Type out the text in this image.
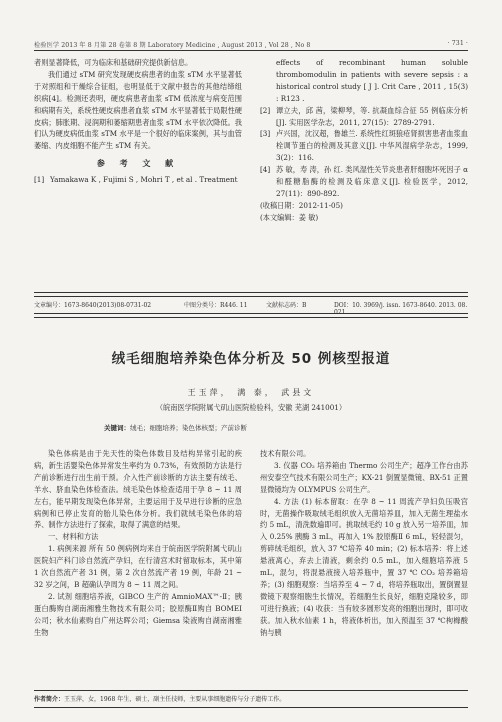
检验医学 2013 年 8 月第 28 卷第 8 期 Laboratory Medicine , August 2013 , Vol 28 , No 8	· 731 ·

者则显著降低，可为临床和基础研究提供新信息。

我们通过 sTM 研究发现硬皮病患者的血浆 sTM 水平显著低于对照组和干燥综合征组，也明显低于文献中报告的其他结缔组织病[4]。检测还表明，硬皮病患者血浆 sTM 低浓度与病变范围和病期有关，系统性硬皮病患者血浆 sTM 水平显著低于局限性硬皮病；肺胀期、浸润期和萎缩期患者血浆 sTM 水平依次降低。我们认为硬皮病低血浆 sTM 水平是一个很好的临床案例，其与血管萎缩、内皮细胞不能产生 sTM 有关。

参 考 文 献

[1] Yamakawa K , Fujimi S , Mohri T , et al . Treatment

effects of recombinant human soluble thrombomodulin in patients with severe sepsis : a historical control study [ J ]. Crit Care , 2011 , 15(3) : R123 .

[2] 谭立夫，邱 茜，梁柳琴，等. 抗凝血综合征 55 例临床分析[J]. 实用医学杂志，2011, 27(15)：2789-2791.

[3] 卢兴国，沈汉超，鲁雄兰. 系统性红斑狼疮肾损害患者血浆血栓调节蛋白的检测及其意义[J]. 中华风湿病学杂志，1999, 3(2)：116.

[4] 苏 敏，寿 涛，孙 红. 类风湿性关节炎患者肝细胞坏死因子 α 和醛糖脂酶的检测及临床意义[J]. 检验医学，2012, 27(11)：890-892.

(收稿日期：2012-11-05)

(本文编辑：姜 敏)

文章编号：1673-8640(2013)08-0731-02	中图分类号：R446. 11	文献标志码：B	DOI：10. 3969/j. issn. 1673-8640. 2013. 08. 021
绒毛细胞培养染色体分析及 50 例核型报道
王玉萍， 满 泰， 武县文
（皖南医学院附属弋矶山医院检验科，安徽 芜湖 241001）
关键词：绒毛；细胞培养；染色体核型；产前诊断

染色体病是由于先天性的染色体数目及结构异常引起的疾病，新生活婴染色体异常发生率约为 0.73%，有效预防方法是行产前诊断进行出生前干预。介入性产前诊断的方法主要有绒毛、羊水、脐血染色体检查法。绒毛染色体检查适用于孕 8 ~ 11 周左右，能早期发现染色体异常，主要运用于及早进行诊断的应急病例和已停止发育的胎儿染色体分析。我们就绒毛染色体的培养、制作方法进行了探索，取得了满意的结果。

一、材料和方法

1. 病例来源 所有 50 例病例均来自于皖南医学院附属弋矶山医院妇产科门诊自然流产孕妇，在行清宫术时留取标本，其中第 1 次自然流产者 31 例，第 2 次自然流产者 19 例，年龄 21 ~ 32 岁之间，B 超确认孕周为 8 ~ 11 周之间。

2. 试剂 细胞培养液，GIBCO 生产的 AmnioMAX™-Ⅱ；胰蛋白酶购自湖南湘雅生物技术有限公司；胶原酶Ⅱ购自 BOMEI 公司；秋水仙素购自广州达晖公司；Giemsa 染液购自湖南湘雅生物

技术有限公司。

3. 仪器 CO₂ 培养箱由 Thermo 公司生产；超净工作台由苏州安泰空气技术有限公司生产；KX-21 倒置显微镜、BX-51 正置显微镜均为 OLYMPUS 公司生产。

4. 方法 (1) 标本留取：在孕 8 ~ 11 周流产孕妇负压吸宫时，无菌操作吸取绒毛组织放入无菌培养皿，加入无菌生理盐水约 5 mL，清洗数遍即可。挑取绒毛约 10 g 放入另一培养皿，加入 0.25% 胰酶 3 mL，再加入 1% 胶原酶Ⅱ 6 mL，轻轻混匀，剪碎绒毛组织，放入 37 ℃培养 40 min；(2) 标本培养：将上述悬液离心，弃去上清液，剩余约 0.5 mL，加入细胞培养液 5 mL，混匀，将混悬液接入培养瓶中，置 37 ℃ CO₂ 培养箱培养；(3) 细胞观察：当培养至 4 ~ 7 d，将培养瓶取出，置倒置显微镜下观察细胞生长情况，若细胞生长良好，细胞克隆较多，即可进行换液；(4) 收获：当有较多圆形发亮的细胞出现时，即可收获。加入秋水仙素 1 h，将液体析出，加入预温至 37 ℃枸橼酸钠与胰

作者简介：王玉萍，女，1968 年生，硕士，副主任技师，主要从事细胞遗传与分子遗传工作。
